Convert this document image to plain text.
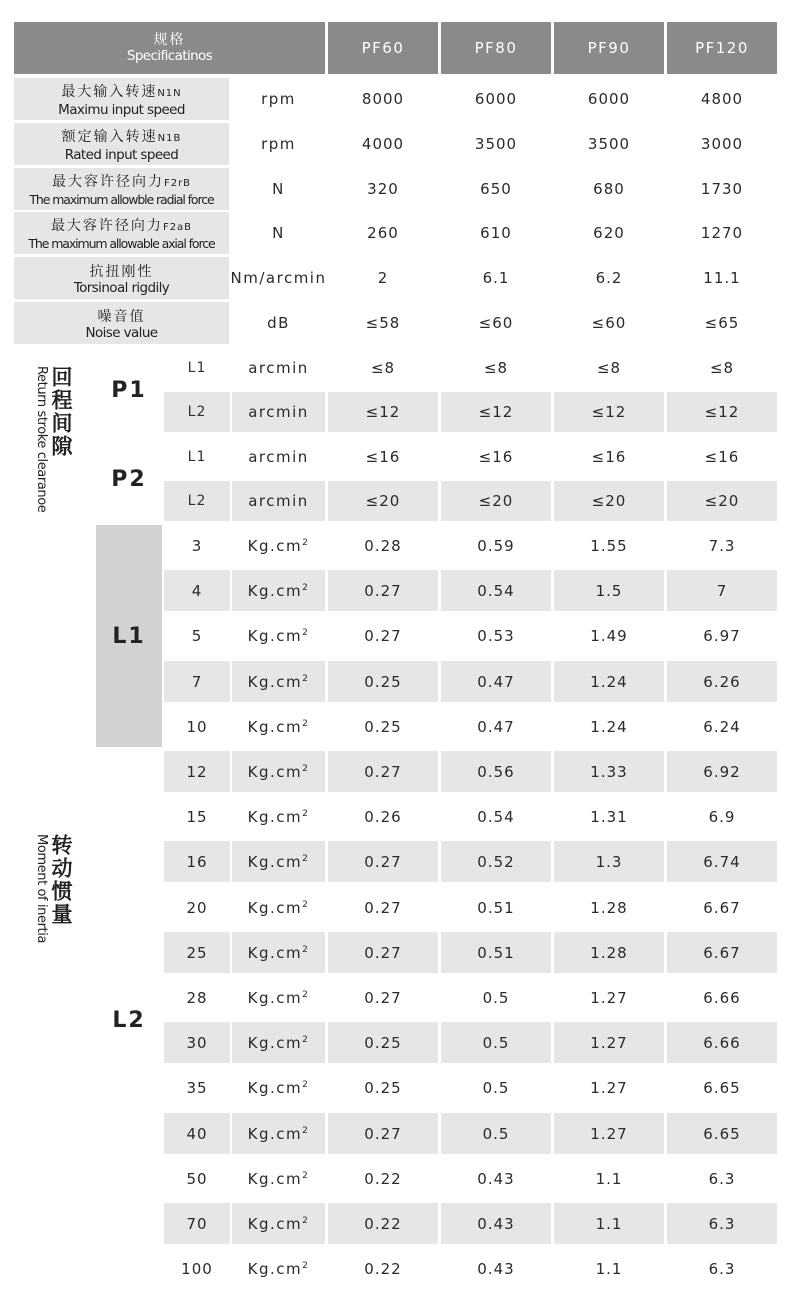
规格
Specificatinos	PF60	PF80	PF90	PF120
最大输入转速N1N
Maximu input speed
rpm	8000	6000	6000	4800
额定输入转速N1B
Rated input speed
rpm	4000	3500	3500	3000
最大容许径向力F2rB
The maximum allowble radial force
N	320	650	680	1730
最大容许径向力F2aB
The maximum allowable axial force
N	260	610	620	1270
抗扭刚性
Torsinoal rigdily
Nm/arcmin	2	6.1	6.2	11.1
噪音值
Noise value
dB	≤58	≤60	≤60	≤65
Return stroke clearanoe 回程间隙 P1
L1	arcmin	≤8	≤8	≤8	≤8
L2	arcmin	≤12	≤12	≤12	≤12
P2
L1	arcmin	≤16	≤16	≤16	≤16
L2	arcmin	≤20	≤20	≤20	≤20
Moment of inertia 转动惯量
L1
3	$Kg.cm^2$	0.28	0.59	1.55	7.3
4	$Kg.cm^2$	0.27	0.54	1.5	7
5	$Kg.cm^2$	0.27	0.53	1.49	6.97
7	$Kg.cm^2$	0.25	0.47	1.24	6.26
10	$Kg.cm^2$	0.25	0.47	1.24	6.24
L2
12	$Kg.cm^2$	0.27	0.56	1.33	6.92
15	$Kg.cm^2$	0.26	0.54	1.31	6.9
16	$Kg.cm^2$	0.27	0.52	1.3	6.74
20	$Kg.cm^2$	0.27	0.51	1.28	6.67
25	$Kg.cm^2$	0.27	0.51	1.28	6.67
28	$Kg.cm^2$	0.27	0.5	1.27	6.66
30	$Kg.cm^2$	0.25	0.5	1.27	6.66
35	$Kg.cm^2$	0.25	0.5	1.27	6.65
40	$Kg.cm^2$	0.27	0.5	1.27	6.65
50	$Kg.cm^2$	0.22	0.43	1.1	6.3
70	$Kg.cm^2$	0.22	0.43	1.1	6.3
100 $Kg.cm^2$	0.22	0.43	1.1	6.3
